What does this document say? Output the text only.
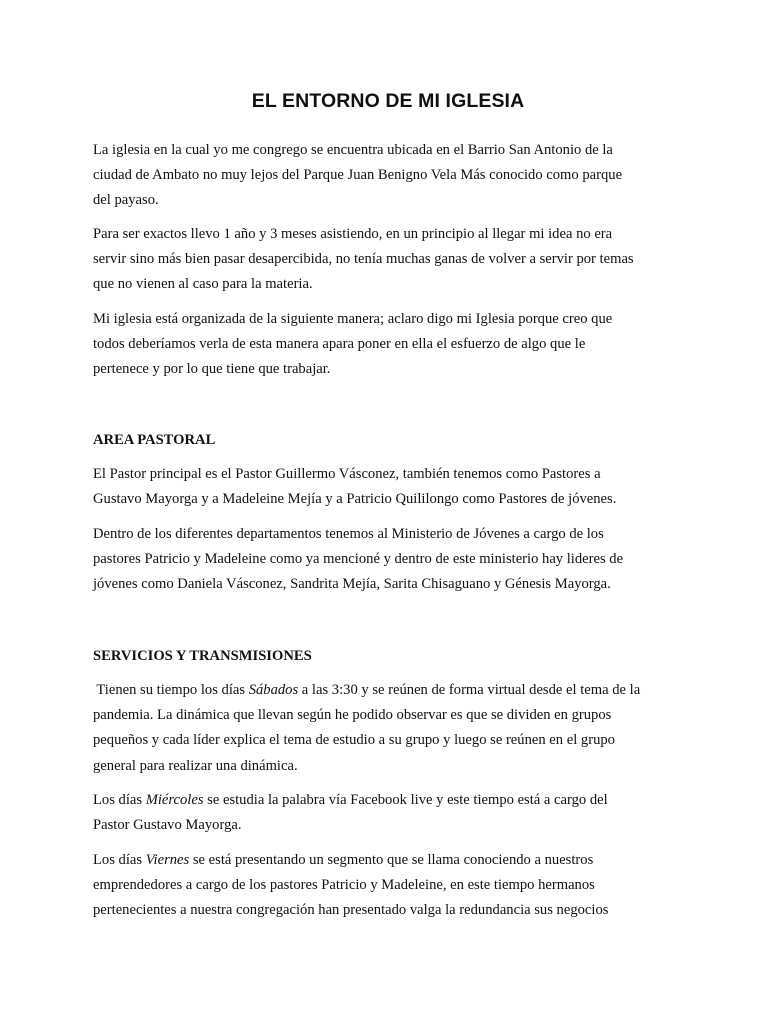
EL ENTORNO DE MI IGLESIA

La iglesia en la cual yo me congrego se encuentra ubicada en el Barrio San Antonio de la
ciudad de Ambato no muy lejos del Parque Juan Benigno Vela Más conocido como parque
del payaso.

Para ser exactos llevo 1 año y 3 meses asistiendo, en un principio al llegar mi idea no era
servir sino más bien pasar desapercibida, no tenía muchas ganas de volver a servir por temas
que no vienen al caso para la materia.

Mi iglesia está organizada de la siguiente manera; aclaro digo mi Iglesia porque creo que
todos deberíamos verla de esta manera apara poner en ella el esfuerzo de algo que le
pertenece y por lo que tiene que trabajar.

AREA PASTORAL

El Pastor principal es el Pastor Guillermo Vásconez, también tenemos como Pastores a
Gustavo Mayorga y a Madeleine Mejía y a Patricio Quililongo como Pastores de jóvenes.

Dentro de los diferentes departamentos tenemos al Ministerio de Jóvenes a cargo de los
pastores Patricio y Madeleine como ya mencioné y dentro de este ministerio hay lideres de
jóvenes como Daniela Vásconez, Sandrita Mejía, Sarita Chisaguano y Génesis Mayorga.

SERVICIOS Y TRANSMISIONES

Tienen su tiempo los días Sábados a las 3:30 y se reúnen de forma virtual desde el tema de la
pandemia. La dinámica que llevan según he podido observar es que se dividen en grupos
pequeños y cada líder explica el tema de estudio a su grupo y luego se reúnen en el grupo
general para realizar una dinámica.

Los días Miércoles se estudia la palabra vía Facebook live y este tiempo está a cargo del
Pastor Gustavo Mayorga.

Los días Viernes se está presentando un segmento que se llama conociendo a nuestros
emprendedores a cargo de los pastores Patricio y Madeleine, en este tiempo hermanos
pertenecientes a nuestra congregación han presentado valga la redundancia sus negocios
